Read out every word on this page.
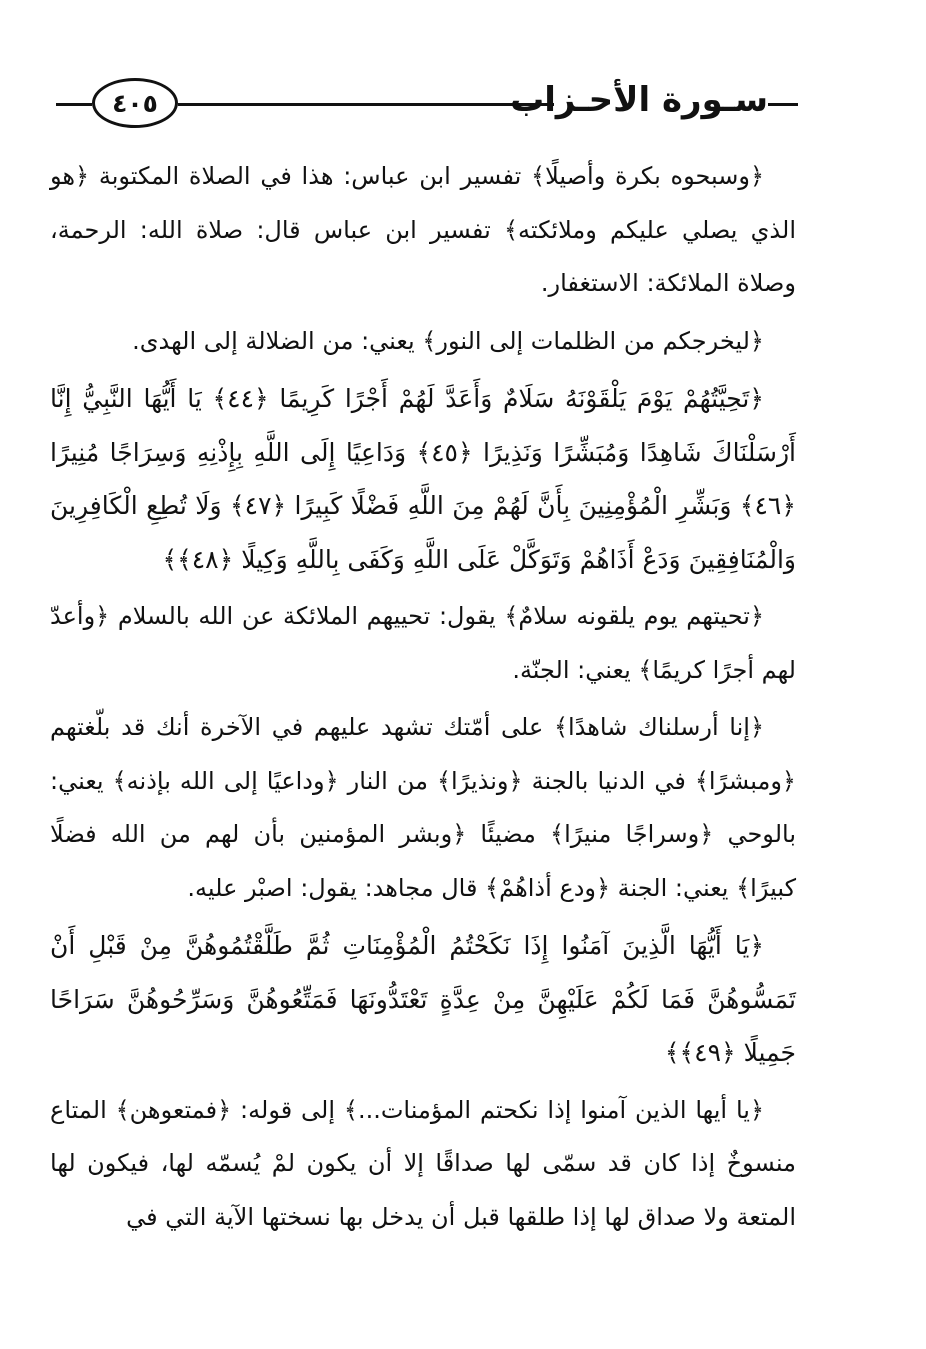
٤٠٥	سـورة الأحـزاب

﴿وسبحوه بكرة وأصيلًا﴾ تفسير ابن عباس: هذا في الصلاة المكتوبة ﴿هو الذي يصلي عليكم وملائكته﴾ تفسير ابن عباس قال: صلاة الله: الرحمة، وصلاة الملائكة: الاستغفار.

﴿ليخرجكم من الظلمات إلى النور﴾ يعني: من الضلالة إلى الهدى.

﴿تَحِيَّتُهُمْ يَوْمَ يَلْقَوْنَهُ سَلَامٌ وَأَعَدَّ لَهُمْ أَجْرًا كَرِيمًا ﴿٤٤﴾ يَا أَيُّهَا النَّبِيُّ إِنَّا أَرْسَلْنَاكَ شَاهِدًا وَمُبَشِّرًا وَنَذِيرًا ﴿٤٥﴾ وَدَاعِيًا إِلَى اللَّهِ بِإِذْنِهِ وَسِرَاجًا مُنِيرًا ﴿٤٦﴾ وَبَشِّرِ الْمُؤْمِنِينَ بِأَنَّ لَهُمْ مِنَ اللَّهِ فَضْلًا كَبِيرًا ﴿٤٧﴾ وَلَا تُطِعِ الْكَافِرِينَ وَالْمُنَافِقِينَ وَدَعْ أَذَاهُمْ وَتَوَكَّلْ عَلَى اللَّهِ وَكَفَى بِاللَّهِ وَكِيلًا ﴿٤٨﴾﴾

﴿تحيتهم يوم يلقونه سلامٌ﴾ يقول: تحييهم الملائكة عن الله بالسلام ﴿وأعدّ لهم أجرًا كريمًا﴾ يعني: الجنّة.

﴿إنا أرسلناك شاهدًا﴾ على أمّتك تشهد عليهم في الآخرة أنك قد بلّغتهم ﴿ومبشرًا﴾ في الدنيا بالجنة ﴿ونذيرًا﴾ من النار ﴿وداعيًا إلى الله بإذنه﴾ يعني: بالوحي ﴿وسراجًا منيرًا﴾ مضيئًا ﴿وبشر المؤمنين بأن لهم من الله فضلًا كبيرًا﴾ يعني: الجنة ﴿ودع أذاهُمْ﴾ قال مجاهد: يقول: اصبْر عليه.

﴿يَا أَيُّهَا الَّذِينَ آمَنُوا إِذَا نَكَحْتُمُ الْمُؤْمِنَاتِ ثُمَّ طَلَّقْتُمُوهُنَّ مِنْ قَبْلِ أَنْ تَمَسُّوهُنَّ فَمَا لَكُمْ عَلَيْهِنَّ مِنْ عِدَّةٍ تَعْتَدُّونَهَا فَمَتِّعُوهُنَّ وَسَرِّحُوهُنَّ سَرَاحًا جَمِيلًا ﴿٤٩﴾﴾

﴿يا أيها الذين آمنوا إذا نكحتم المؤمنات...﴾ إلى قوله: ﴿فمتعوهن﴾ المتاع منسوخٌ إذا كان قد سمّى لها صداقًا إلا أن يكون لمْ يُسمّه لها، فيكون لها المتعة ولا صداق لها إذا طلقها قبل أن يدخل بها نسختها الآية التي في
